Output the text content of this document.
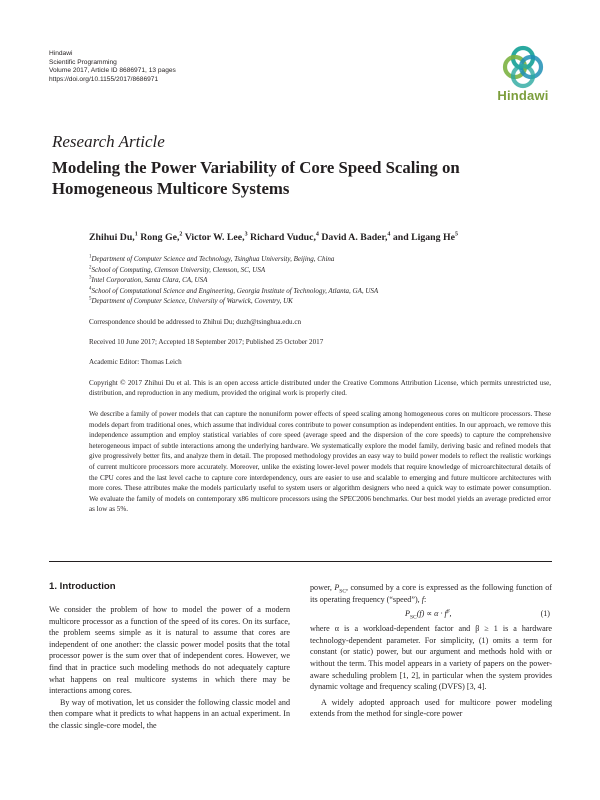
Hindawi
Scientific Programming
Volume 2017, Article ID 8686971, 13 pages
https://doi.org/10.1155/2017/8686971
Hindawi
Research Article
Modeling the Power Variability of Core Speed Scaling on Homogeneous Multicore Systems
Zhihui Du,$^1$ Rong Ge,$^2$ Victor W. Lee,$^3$ Richard Vuduc,$^4$ David A. Bader,$^4$ and Ligang He$^5$
$^1$Department of Computer Science and Technology, Tsinghua University, Beijing, China
$^2$School of Computing, Clemson University, Clemson, SC, USA
$^3$Intel Corporation, Santa Clara, CA, USA
$^4$School of Computational Science and Engineering, Georgia Institute of Technology, Atlanta, GA, USA
$^5$Department of Computer Science, University of Warwick, Coventry, UK
Correspondence should be addressed to Zhihui Du; duzh@tsinghua.edu.cn
Received 10 June 2017; Accepted 18 September 2017; Published 25 October 2017
Academic Editor: Thomas Leich
Copyright © 2017 Zhihui Du et al. This is an open access article distributed under the Creative Commons Attribution License, which permits unrestricted use, distribution, and reproduction in any medium, provided the original work is properly cited.
We describe a family of power models that can capture the nonuniform power effects of speed scaling among homogeneous cores on multicore processors. These models depart from traditional ones, which assume that individual cores contribute to power consumption as independent entities. In our approach, we remove this independence assumption and employ statistical variables of core speed (average speed and the dispersion of the core speeds) to capture the comprehensive heterogeneous impact of subtle interactions among the underlying hardware. We systematically explore the model family, deriving basic and refined models that give progressively better fits, and analyze them in detail. The proposed methodology provides an easy way to build power models to reflect the realistic workings of current multicore processors more accurately. Moreover, unlike the existing lower-level power models that require knowledge of microarchitectural details of the CPU cores and the last level cache to capture core interdependency, ours are easier to use and scalable to emerging and future multicore architectures with more cores. These attributes make the models particularly useful to system users or algorithm designers who need a quick way to estimate power consumption. We evaluate the family of models on contemporary x86 multicore processors using the SPEC2006 benchmarks. Our best model yields an average predicted error as low as 5%.
1. Introduction

We consider the problem of how to model the power of a modern multicore processor as a function of the speed of its cores. On its surface, the problem seems simple as it is natural to assume that cores are independent of one another: the classic power model posits that the total processor power is the sum over that of independent cores. However, we find that in practice such modeling methods do not adequately capture what happens on real multicore systems in which there may be interactions among cores.

By way of motivation, let us consider the following classic model and then compare what it predicts to what happens in an actual experiment. In the classic single-core model, the

power, $P_{SC}$, consumed by a core is expressed as the following function of its operating frequency (“speed”), f:

$P_{SC}(f) \propto \alpha \cdot f^\beta$,	(1)

where α is a workload-dependent factor and β ≥ 1 is a hardware technology-dependent parameter. For simplicity, (1) omits a term for constant (or static) power, but our argument and methods hold with or without the term. This model appears in a variety of papers on the power-aware scheduling problem [1, 2], in particular when the system provides dynamic voltage and frequency scaling (DVFS) [3, 4].

A widely adopted approach used for multicore power modeling extends from the method for single-core power
